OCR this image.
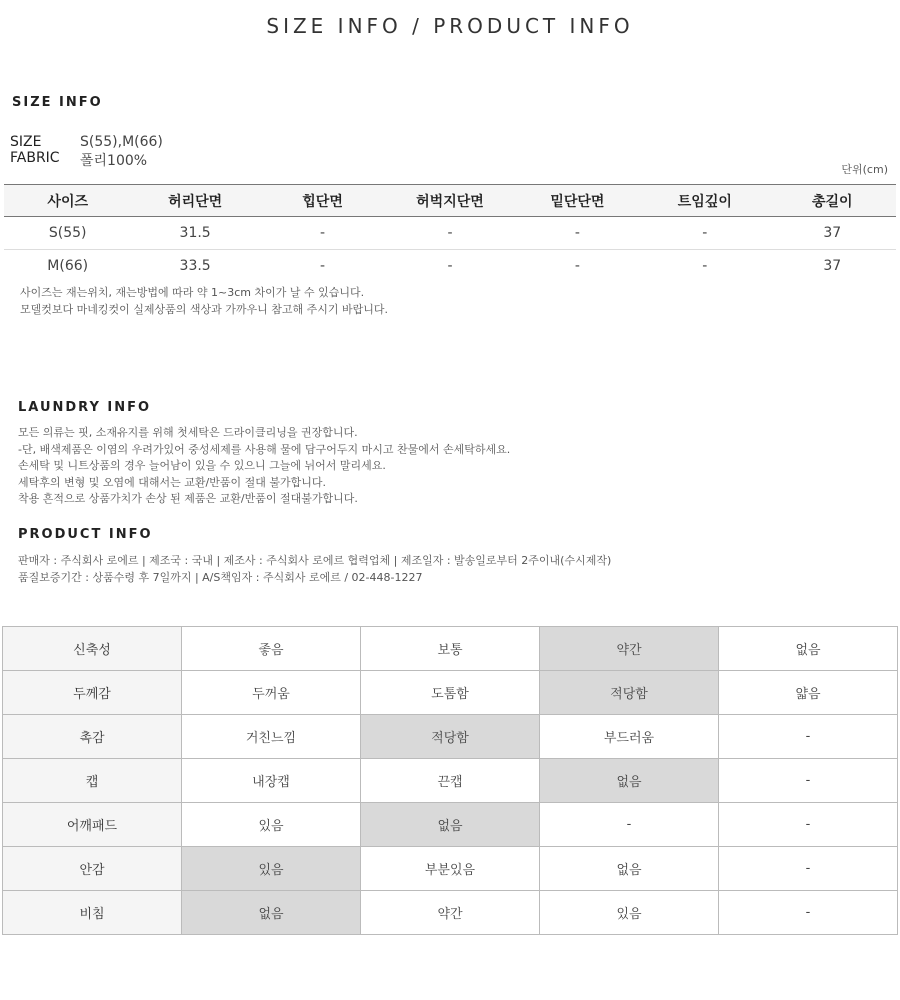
SIZE INFO / PRODUCT INFO
SIZE INFO
SIZE	S(55),M(66)
FABRIC 폴리100%
단위(cm)
사이즈	허리단면	힙단면	허벅지단면	밑단단면	트임깊이	총길이
S(55)	31.5	-	-	-	-	37
M(66)	33.5	-	-	-	-	37
사이즈는 재는위치, 재는방법에 따라 약 1~3cm 차이가 날 수 있습니다.
모델컷보다 마네킹컷이 실제상품의 색상과 가까우니 참고해 주시기 바랍니다.
LAUNDRY INFO
모든 의류는 핏, 소재유지를 위해 첫세탁은 드라이클리닝을 권장합니다.
-단, 배색제품은 이염의 우려가있어 중성세제를 사용해 물에 담구어두지 마시고 찬물에서 손세탁하세요.
손세탁 및 니트상품의 경우 늘어남이 있을 수 있으니 그늘에 뉘어서 말리세요.
세탁후의 변형 및 오염에 대해서는 교환/반품이 절대 불가합니다.
착용 흔적으로 상품가치가 손상 된 제품은 교환/반품이 절대불가합니다.
PRODUCT INFO
판매자 : 주식회사 로에르 | 제조국 : 국내 | 제조사 : 주식회사 로에르 협력업체 | 제조일자 : 발송일로부터 2주이내(수시제작)
품질보증기간 : 상품수령 후 7일까지 | A/S책임자 : 주식회사 로에르 / 02-448-1227
신축성	좋음	보통	약간	없음
두께감	두꺼움	도톰함	적당함	얇음
촉감	거친느낌	적당함	부드러움	-
캡	내장캡	끈캡	없음	-
어깨패드	있음	없음	-	-
안감	있음	부분있음	없음	-
비침	없음	약간	있음	-
